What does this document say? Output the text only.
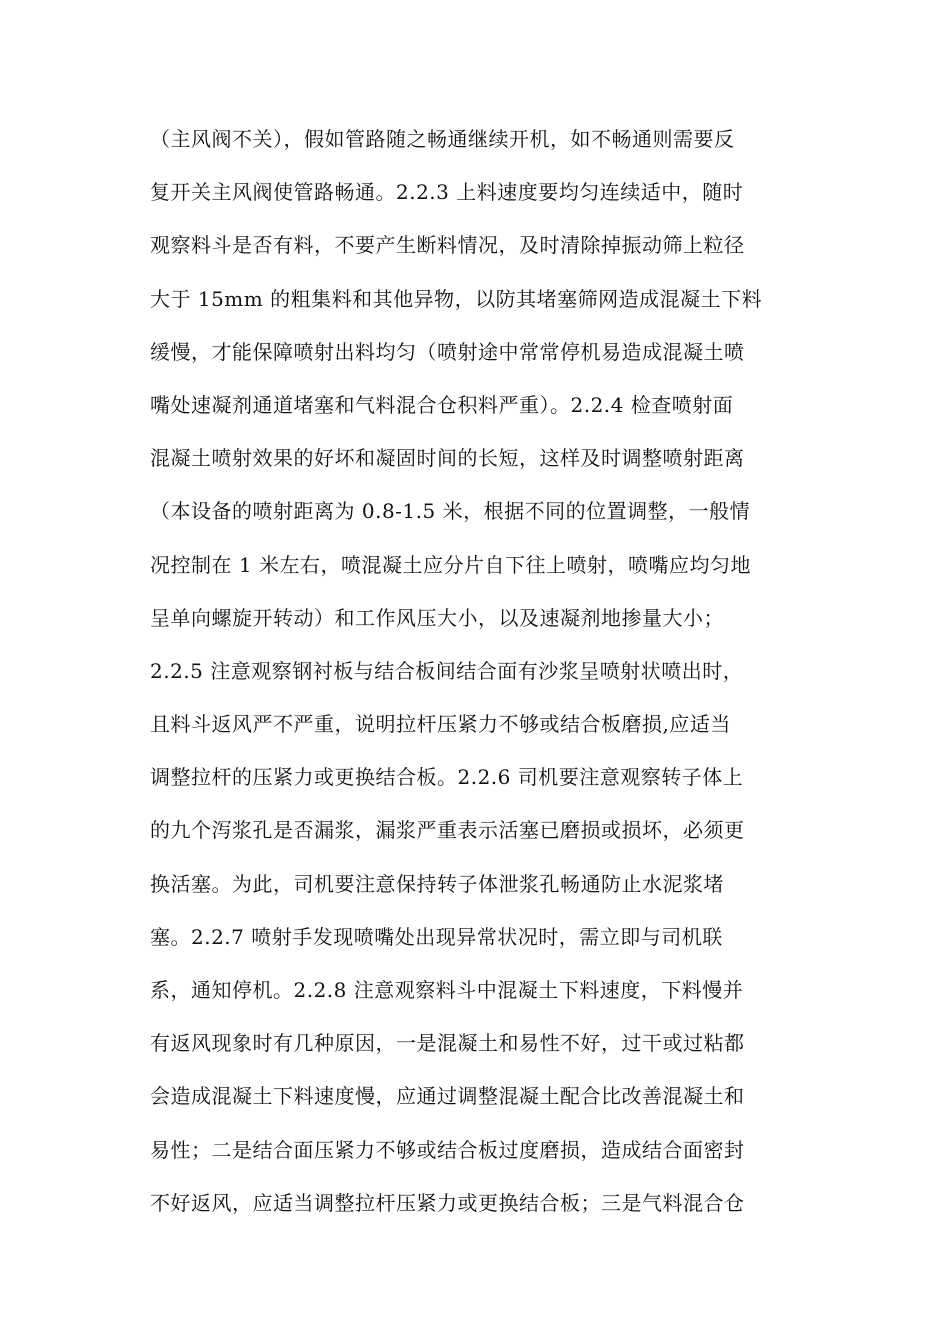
（主风阀不关），假如管路随之畅通继续开机，如不畅通则需要反
复开关主风阀使管路畅通。2.2.3 上料速度要均匀连续适中，随时
观察料斗是否有料，不要产生断料情况，及时清除掉振动筛上粒径
大于 15mm 的粗集料和其他异物，以防其堵塞筛网造成混凝土下料
缓慢，才能保障喷射出料均匀（喷射途中常常停机易造成混凝土喷
嘴处速凝剂通道堵塞和气料混合仓积料严重）。2.2.4 检查喷射面
混凝土喷射效果的好坏和凝固时间的长短，这样及时调整喷射距离
（本设备的喷射距离为 0.8-1.5 米，根据不同的位置调整，一般情
况控制在 1 米左右，喷混凝土应分片自下往上喷射，喷嘴应均匀地
呈单向螺旋开转动）和工作风压大小，以及速凝剂地掺量大小；
2.2.5 注意观察钢衬板与结合板间结合面有沙浆呈喷射状喷出时，
且料斗返风严不严重，说明拉杆压紧力不够或结合板磨损,应适当
调整拉杆的压紧力或更换结合板。2.2.6 司机要注意观察转子体上
的九个泻浆孔是否漏浆，漏浆严重表示活塞已磨损或损坏，必须更
换活塞。为此，司机要注意保持转子体泄浆孔畅通防止水泥浆堵
塞。2.2.7 喷射手发现喷嘴处出现异常状况时，需立即与司机联
系，通知停机。2.2.8 注意观察料斗中混凝土下料速度，下料慢并
有返风现象时有几种原因，一是混凝土和易性不好，过干或过粘都
会造成混凝土下料速度慢，应通过调整混凝土配合比改善混凝土和
易性；二是结合面压紧力不够或结合板过度磨损，造成结合面密封
不好返风，应适当调整拉杆压紧力或更换结合板；三是气料混合仓
